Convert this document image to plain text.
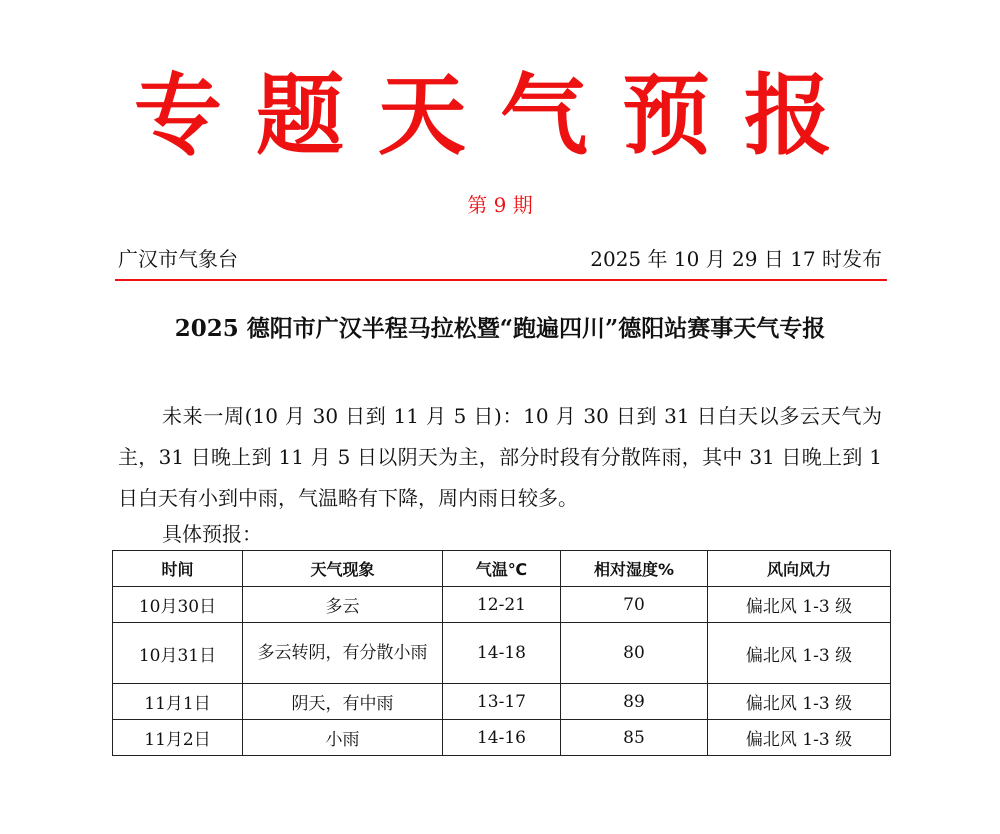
专题天气预报
第 9 期
广汉市气象台	2025 年 10 月 29 日 17 时发布
2025 德阳市广汉半程马拉松暨“跑遍四川”德阳站赛事天气专报
未来一周(10 月 30 日到 11 月 5 日)：10 月 30 日到 31 日白天以多云天气为主，31 日晚上到 11 月 5 日以阴天为主，部分时段有分散阵雨，其中 31 日晚上到 1 日白天有小到中雨，气温略有下降，周内雨日较多。
具体预报：
时间	天气现象	气温℃	相对湿度%	风向风力
10月30日	多云	12-21	70	偏北风 1-3 级
10月31日	多云转阴，有分散小雨	14-18	80	偏北风 1-3 级
11月1日	阴天，有中雨	13-17	89	偏北风 1-3 级
11月2日	小雨	14-16	85	偏北风 1-3 级
